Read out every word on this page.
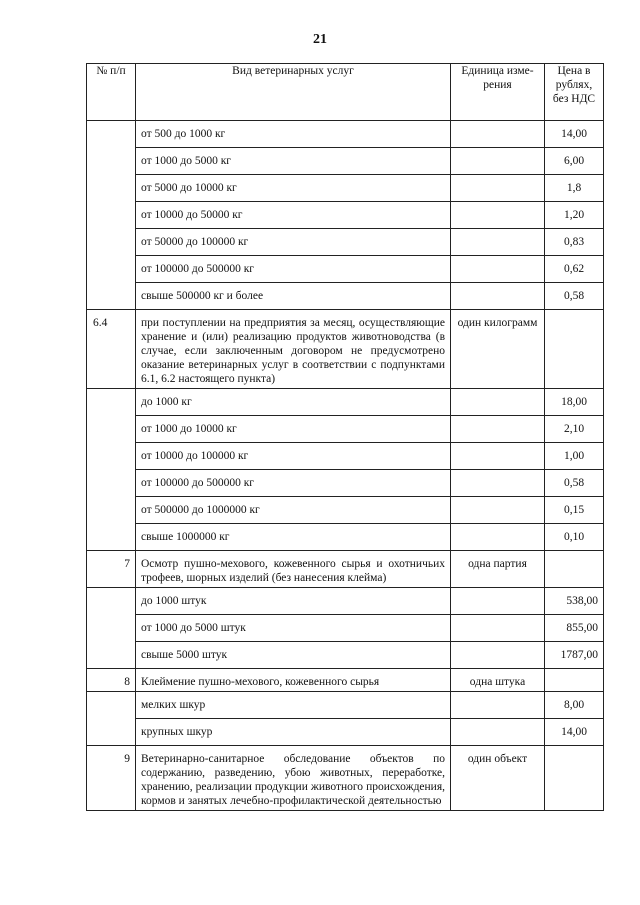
21
№ п/п	Вид ветеринарных услуг	Единица изме-рения	Цена в рублях, без НДС
	от 500 до 1000 кг		14,00
	от 1000 до 5000 кг		6,00
	от 5000 до 10000 кг		1,8
	от 10000 до 50000 кг		1,20
	от 50000 до 100000 кг		0,83
	от 100000 до 500000 кг		0,62
	свыше 500000 кг и более		0,58
6.4	при поступлении на предприятия за месяц, осуществляющие хранение и (или) реализацию продуктов животноводства (в случае, если заключенным договором не предусмотрено оказание ветеринарных услуг в соответствии с подпунктами 6.1, 6.2 настоящего пункта)	один килограмм	
	до 1000 кг		18,00
	от 1000 до 10000 кг		2,10
	от 10000 до 100000 кг		1,00
	от 100000 до 500000 кг		0,58
	от 500000 до 1000000 кг		0,15
	свыше 1000000 кг		0,10
7	Осмотр пушно-мехового, кожевенного сырья и охотничьих трофеев, шорных изделий (без нанесения клейма)	одна партия	
	до 1000 штук		538,00
	от 1000 до 5000 штук		855,00
	свыше 5000 штук		1787,00
8	Клеймение пушно-мехового, кожевенного сырья	одна штука	
	мелких шкур		8,00
	крупных шкур		14,00
9	Ветеринарно-санитарное обследование объектов по содержанию, разведению, убою животных, переработке, хранению, реализации продукции животного происхождения, кормов и занятых лечебно-профилактической деятельностью	один объект	
